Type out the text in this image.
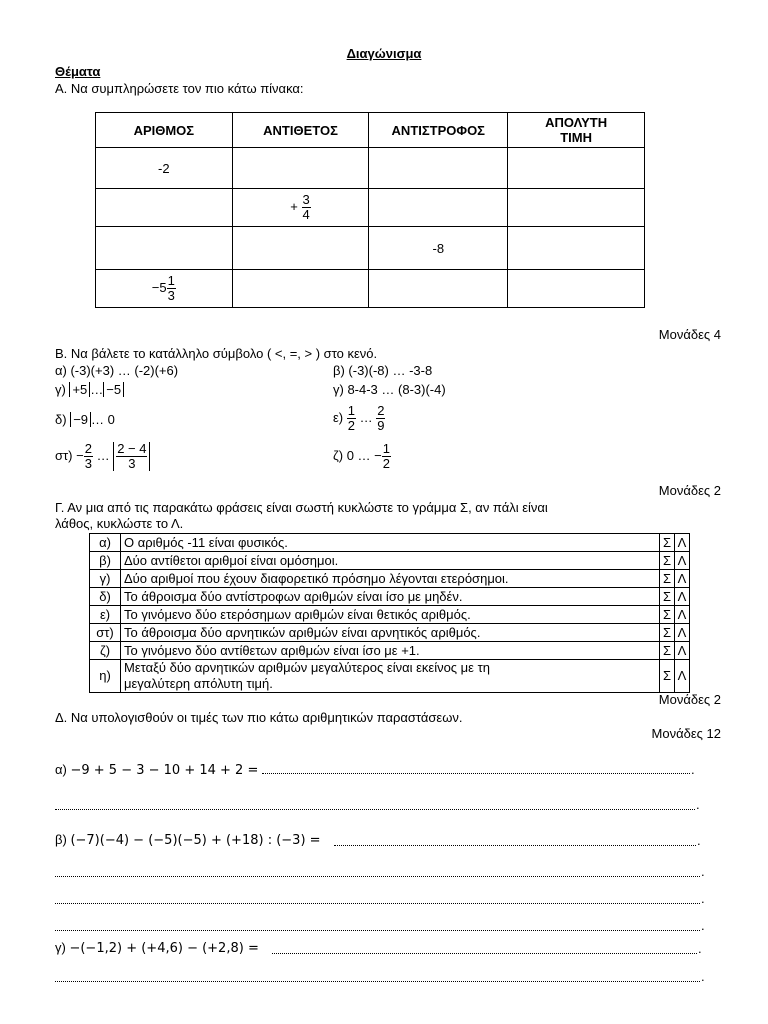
Διαγώνισμα
Θέματα
Α. Να συμπληρώσετε τον πιο κάτω πίνακα:
ΑΡΙΘΜΟΣ	ΑΝΤΙΘΕΤΟΣ	ΑΝΤΙΣΤΡΟΦΟΣ	ΑΠΟΛΥΤΗ ΤΙΜΗ
-2			
	+ $\frac{3}{4}$

		-8	
$-5 \frac{1}{3}$

Μονάδες 4
Β. Να βάλετε το κατάλληλο σύμβολο ( <, =, > ) στο κενό.
α) (-3)(+3) … (-2)(+6)	β) (-3)(-8) … -3-8
γ) +5 … −5	γ) 8-4-3 … (8-3)(-4)
δ) −9 … 0	$\varepsilon) \frac{1}{2}$ … $\frac{2}{9}$
$\sigma\tau) - \frac{2}{3}$ … $\frac{2 - 4}{3}$	ζ) 0 … − $\frac{1}{2}$
Μονάδες 2
Γ. Αν μια από τις παρακάτω φράσεις είναι σωστή κυκλώστε το γράμμα Σ, αν πάλι είναι
λάθος, κυκλώστε το Λ.
α)	Ο αριθμός -11 είναι φυσικός.	Σ	Λ
β)	Δύο αντίθετοι αριθμοί είναι ομόσημοι.	Σ	Λ
γ)	Δύο αριθμοί που έχουν διαφορετικό πρόσημο λέγονται ετερόσημοι.	Σ	Λ
δ)	Το άθροισμα δύο αντίστροφων αριθμών είναι ίσο με μηδέν.	Σ	Λ
ε)	Το γινόμενο δύο ετερόσημων αριθμών είναι θετικός αριθμός.	Σ	Λ
στ)	Το άθροισμα δύο αρνητικών αριθμών είναι αρνητικός αριθμός.	Σ	Λ
ζ)	Το γινόμενο δύο αντίθετων αριθμών είναι ίσο με +1.	Σ	Λ
η)	Μεταξύ δύο αρνητικών αριθμών μεγαλύτερος είναι εκείνος με τη
μεγαλύτερη απόλυτη τιμή.	Σ	Λ
Μονάδες 2
Δ. Να υπολογισθούν οι τιμές των πιο κάτω αριθμητικών παραστάσεων.
Μονάδες 12
α) −9 + 5 − 3 − 10 + 14 + 2 =	.
.
β) (−7)(−4) − (−5)(−5) + (+18) : (−3) =	.
.
.
.
γ) −(−1,2) + (+4,6) − (+2,8) =	.
.
